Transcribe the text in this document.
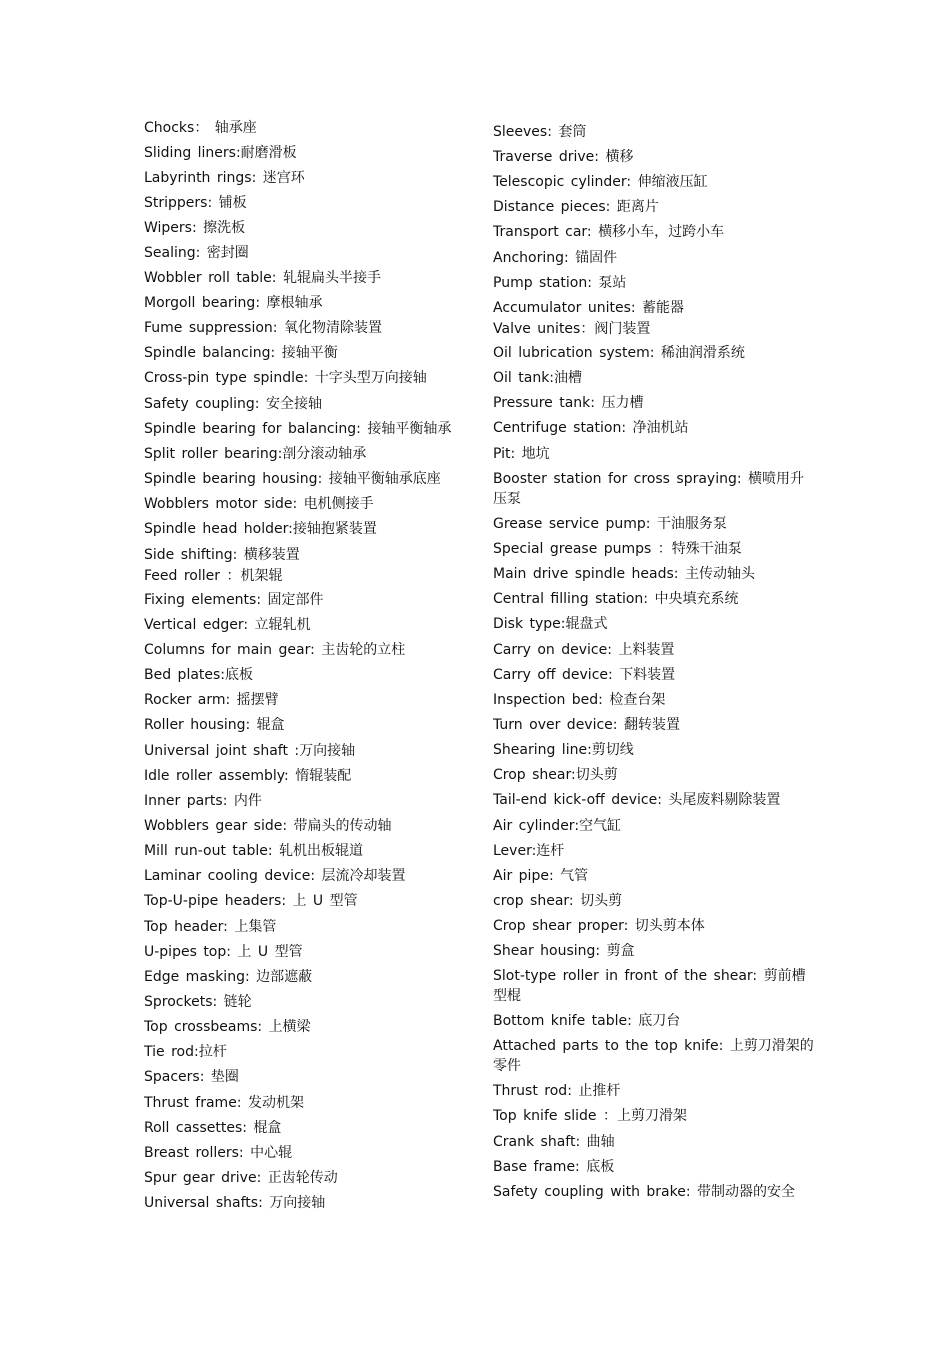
Chocks： 轴承座
Sliding liners:耐磨滑板
Labyrinth rings: 迷宫环
Strippers: 铺板
Wipers: 擦洗板
Sealing: 密封圈
Wobbler roll table: 轧辊扁头半接手
Morgoll bearing: 摩根轴承
Fume suppression: 氧化物清除装置
Spindle balancing: 接轴平衡
Cross-pin type spindle: 十字头型万向接轴
Safety coupling: 安全接轴
Spindle bearing for balancing: 接轴平衡轴承
Split roller bearing:剖分滚动轴承
Spindle bearing housing: 接轴平衡轴承底座
Wobblers motor side: 电机侧接手
Spindle head holder:接轴抱紧装置
Side shifting: 横移装置
Feed roller ：机架辊
Fixing elements: 固定部件
Vertical edger: 立辊轧机
Columns for main gear: 主齿轮的立柱
Bed plates:底板
Rocker arm: 摇摆臂
Roller housing: 辊盒
Universal joint shaft :万向接轴
Idle roller assembly: 惰辊装配
Inner parts: 内件
Wobblers gear side: 带扁头的传动轴
Mill run-out table: 轧机出板辊道
Laminar cooling device: 层流冷却装置
Top-U-pipe headers: 上 U 型管
Top header: 上集管
U-pipes top: 上 U 型管
Edge masking: 边部遮蔽
Sprockets: 链轮
Top crossbeams: 上横梁
Tie rod:拉杆
Spacers: 垫圈
Thrust frame: 发动机架
Roll cassettes: 棍盒
Breast rollers: 中心辊
Spur gear drive: 正齿轮传动
Universal shafts: 万向接轴
Sleeves: 套筒
Traverse drive: 横移
Telescopic cylinder: 伸缩液压缸
Distance pieces: 距离片
Transport car: 横移小车，过跨小车
Anchoring: 锚固件
Pump station: 泵站
Accumulator unites: 蓄能器
Valve unites：阀门装置
Oil lubrication system: 稀油润滑系统
Oil tank:油槽
Pressure tank: 压力槽
Centrifuge station: 净油机站
Pit: 地坑
Booster station for cross spraying: 横喷用升压泵
Grease service pump: 干油服务泵
Special grease pumps ：特殊干油泵
Main drive spindle heads: 主传动轴头
Central filling station: 中央填充系统
Disk type:辊盘式
Carry on device: 上料装置
Carry off device: 下料装置
Inspection bed: 检查台架
Turn over device: 翻转装置
Shearing line:剪切线
Crop shear:切头剪
Tail-end kick-off device: 头尾废料剔除装置
Air cylinder:空气缸
Lever:连杆
Air pipe: 气管
crop shear: 切头剪
Crop shear proper: 切头剪本体
Shear housing: 剪盒
Slot-type roller in front of the shear: 剪前槽型棍
Bottom knife table: 底刀台
Attached parts to the top knife: 上剪刀滑架的零件
Thrust rod: 止推杆
Top knife slide ：上剪刀滑架
Crank shaft: 曲轴
Base frame: 底板
Safety coupling with brake: 带制动器的安全
